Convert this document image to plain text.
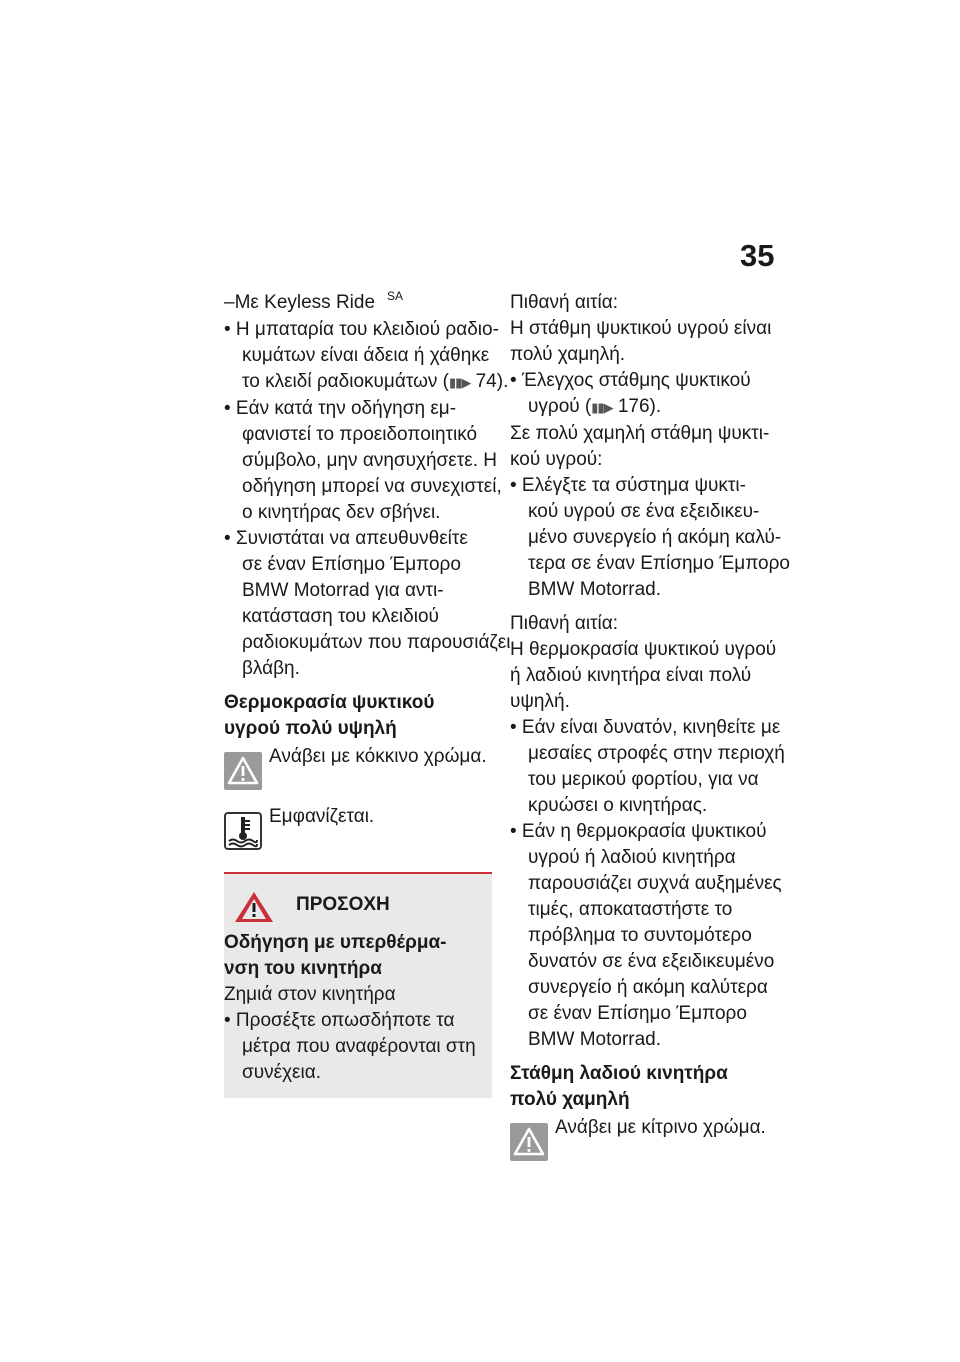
35
–Με Keyless Ride $^{SA}$
• Η μπαταρία του κλειδιού ραδιο-
κυμάτων είναι άδεια ή χάθηκε
το κλειδί ραδιοκυμάτων (▮▮▶ 74).
• Εάν κατά την οδήγηση εμ-
φανιστεί το προειδοποιητικό
σύμβολο, μην ανησυχήσετε. Η
οδήγηση μπορεί να συνεχιστεί,
ο κινητήρας δεν σβήνει.
• Συνιστάται να απευθυνθείτε
σε έναν Επίσημο Έμπορο
BMW Motorrad για αντι-
κατάσταση του κλειδιού
ραδιοκυμάτων που παρουσιάζει
βλάβη.
Θερμοκρασία ψυκτικού
υγρού πολύ υψηλή
Ανάβει με κόκκινο χρώμα.
Εμφανίζεται.
ΠΡΟΣΟΧΗ
Οδήγηση με υπερθέρμα-
νση του κινητήρα
Ζημιά στον κινητήρα
• Προσέξτε οπωσδήποτε τα
μέτρα που αναφέρονται στη
συνέχεια.
Πιθανή αιτία:
Η στάθμη ψυκτικού υγρού είναι
πολύ χαμηλή.
• Έλεγχος στάθμης ψυκτικού
υγρού (▮▮▶ 176).
Σε πολύ χαμηλή στάθμη ψυκτι-
κού υγρού:
• Ελέγξτε τα σύστημα ψυκτι-
κού υγρού σε ένα εξειδικευ-
μένο συνεργείο ή ακόμη καλύ-
τερα σε έναν Επίσημο Έμπορο
BMW Motorrad.
Πιθανή αιτία:
Η θερμοκρασία ψυκτικού υγρού
ή λαδιού κινητήρα είναι πολύ
υψηλή.
• Εάν είναι δυνατόν, κινηθείτε με
μεσαίες στροφές στην περιοχή
του μερικού φορτίου, για να
κρυώσει ο κινητήρας.
• Εάν η θερμοκρασία ψυκτικού
υγρού ή λαδιού κινητήρα
παρουσιάζει συχνά αυξημένες
τιμές, αποκαταστήστε το
πρόβλημα το συντομότερο
δυνατόν σε ένα εξειδικευμένο
συνεργείο ή ακόμη καλύτερα
σε έναν Επίσημο Έμπορο
BMW Motorrad.
Στάθμη λαδιού κινητήρα
πολύ χαμηλή
Ανάβει με κίτρινο χρώμα.
